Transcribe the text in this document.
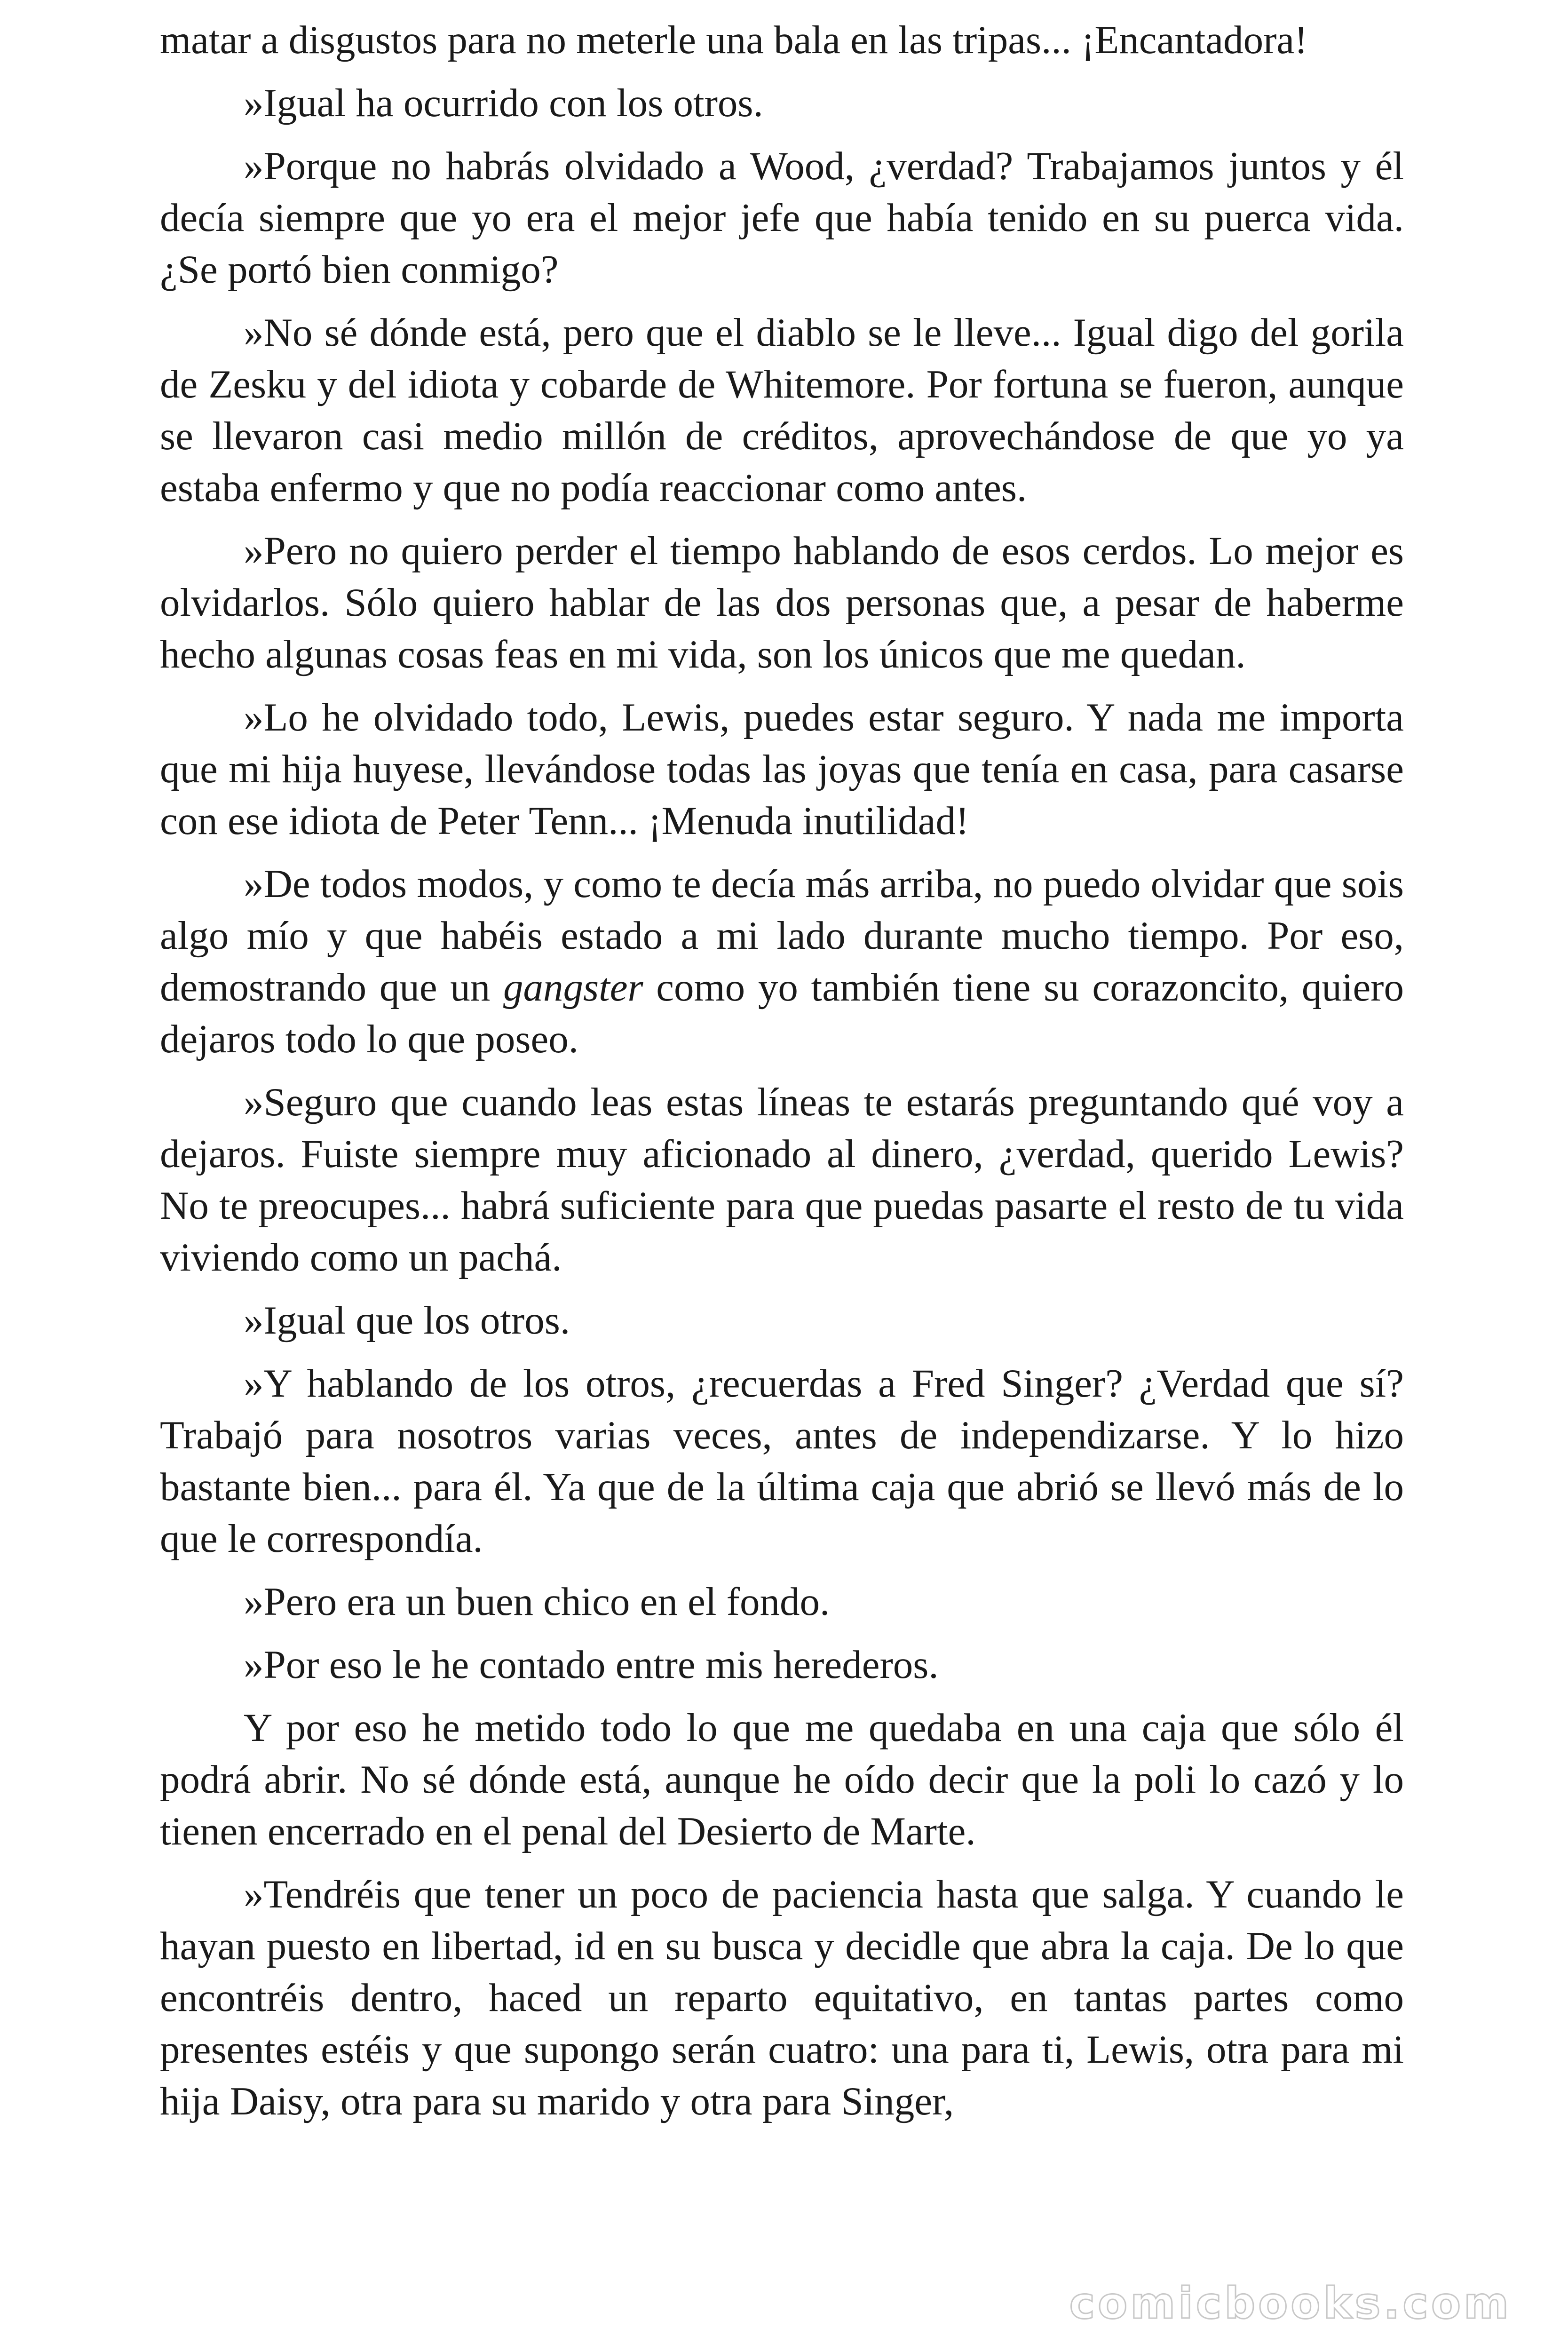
matar a disgustos para no meterle una bala en las tripas... ¡Encantadora!

»Igual ha ocurrido con los otros.

»Porque no habrás olvidado a Wood, ¿verdad? Trabajamos juntos y él decía siempre que yo era el mejor jefe que había tenido en su puerca vida. ¿Se portó bien conmigo?

»No sé dónde está, pero que el diablo se le lleve... Igual digo del gorila de Zesku y del idiota y cobarde de Whitemore. Por fortuna se fueron, aunque se llevaron casi medio millón de créditos, aprovechándose de que yo ya estaba enfermo y que no podía reaccionar como antes.

»Pero no quiero perder el tiempo hablando de esos cerdos. Lo mejor es olvidarlos. Sólo quiero hablar de las dos personas que, a pesar de haberme hecho algunas cosas feas en mi vida, son los únicos que me quedan.

»Lo he olvidado todo, Lewis, puedes estar seguro. Y nada me importa que mi hija huyese, llevándose todas las joyas que tenía en casa, para casarse con ese idiota de Peter Tenn... ¡Menuda inutilidad!

»De todos modos, y como te decía más arriba, no puedo olvidar que sois algo mío y que habéis estado a mi lado durante mucho tiempo. Por eso, demostrando que un gangster como yo también tiene su corazoncito, quiero dejaros todo lo que poseo.

»Seguro que cuando leas estas líneas te estarás preguntando qué voy a dejaros. Fuiste siempre muy aficionado al dinero, ¿verdad, querido Lewis? No te preocupes... habrá suficiente para que puedas pasarte el resto de tu vida viviendo como un pachá.

»Igual que los otros.

»Y hablando de los otros, ¿recuerdas a Fred Singer? ¿Verdad que sí? Trabajó para nosotros varias veces, antes de independizarse. Y lo hizo bastante bien... para él. Ya que de la última caja que abrió se llevó más de lo que le correspondía.

»Pero era un buen chico en el fondo.

»Por eso le he contado entre mis herederos.

Y por eso he metido todo lo que me quedaba en una caja que sólo él podrá abrir. No sé dónde está, aunque he oído decir que la poli lo cazó y lo tienen encerrado en el penal del Desierto de Marte.

»Tendréis que tener un poco de paciencia hasta que salga. Y cuando le hayan puesto en libertad, id en su busca y decidle que abra la caja. De lo que encontréis dentro, haced un reparto equitativo, en tantas partes como presentes estéis y que supongo serán cuatro: una para ti, Lewis, otra para mi hija Daisy, otra para su marido y otra para Singer,

comicbooks.com
